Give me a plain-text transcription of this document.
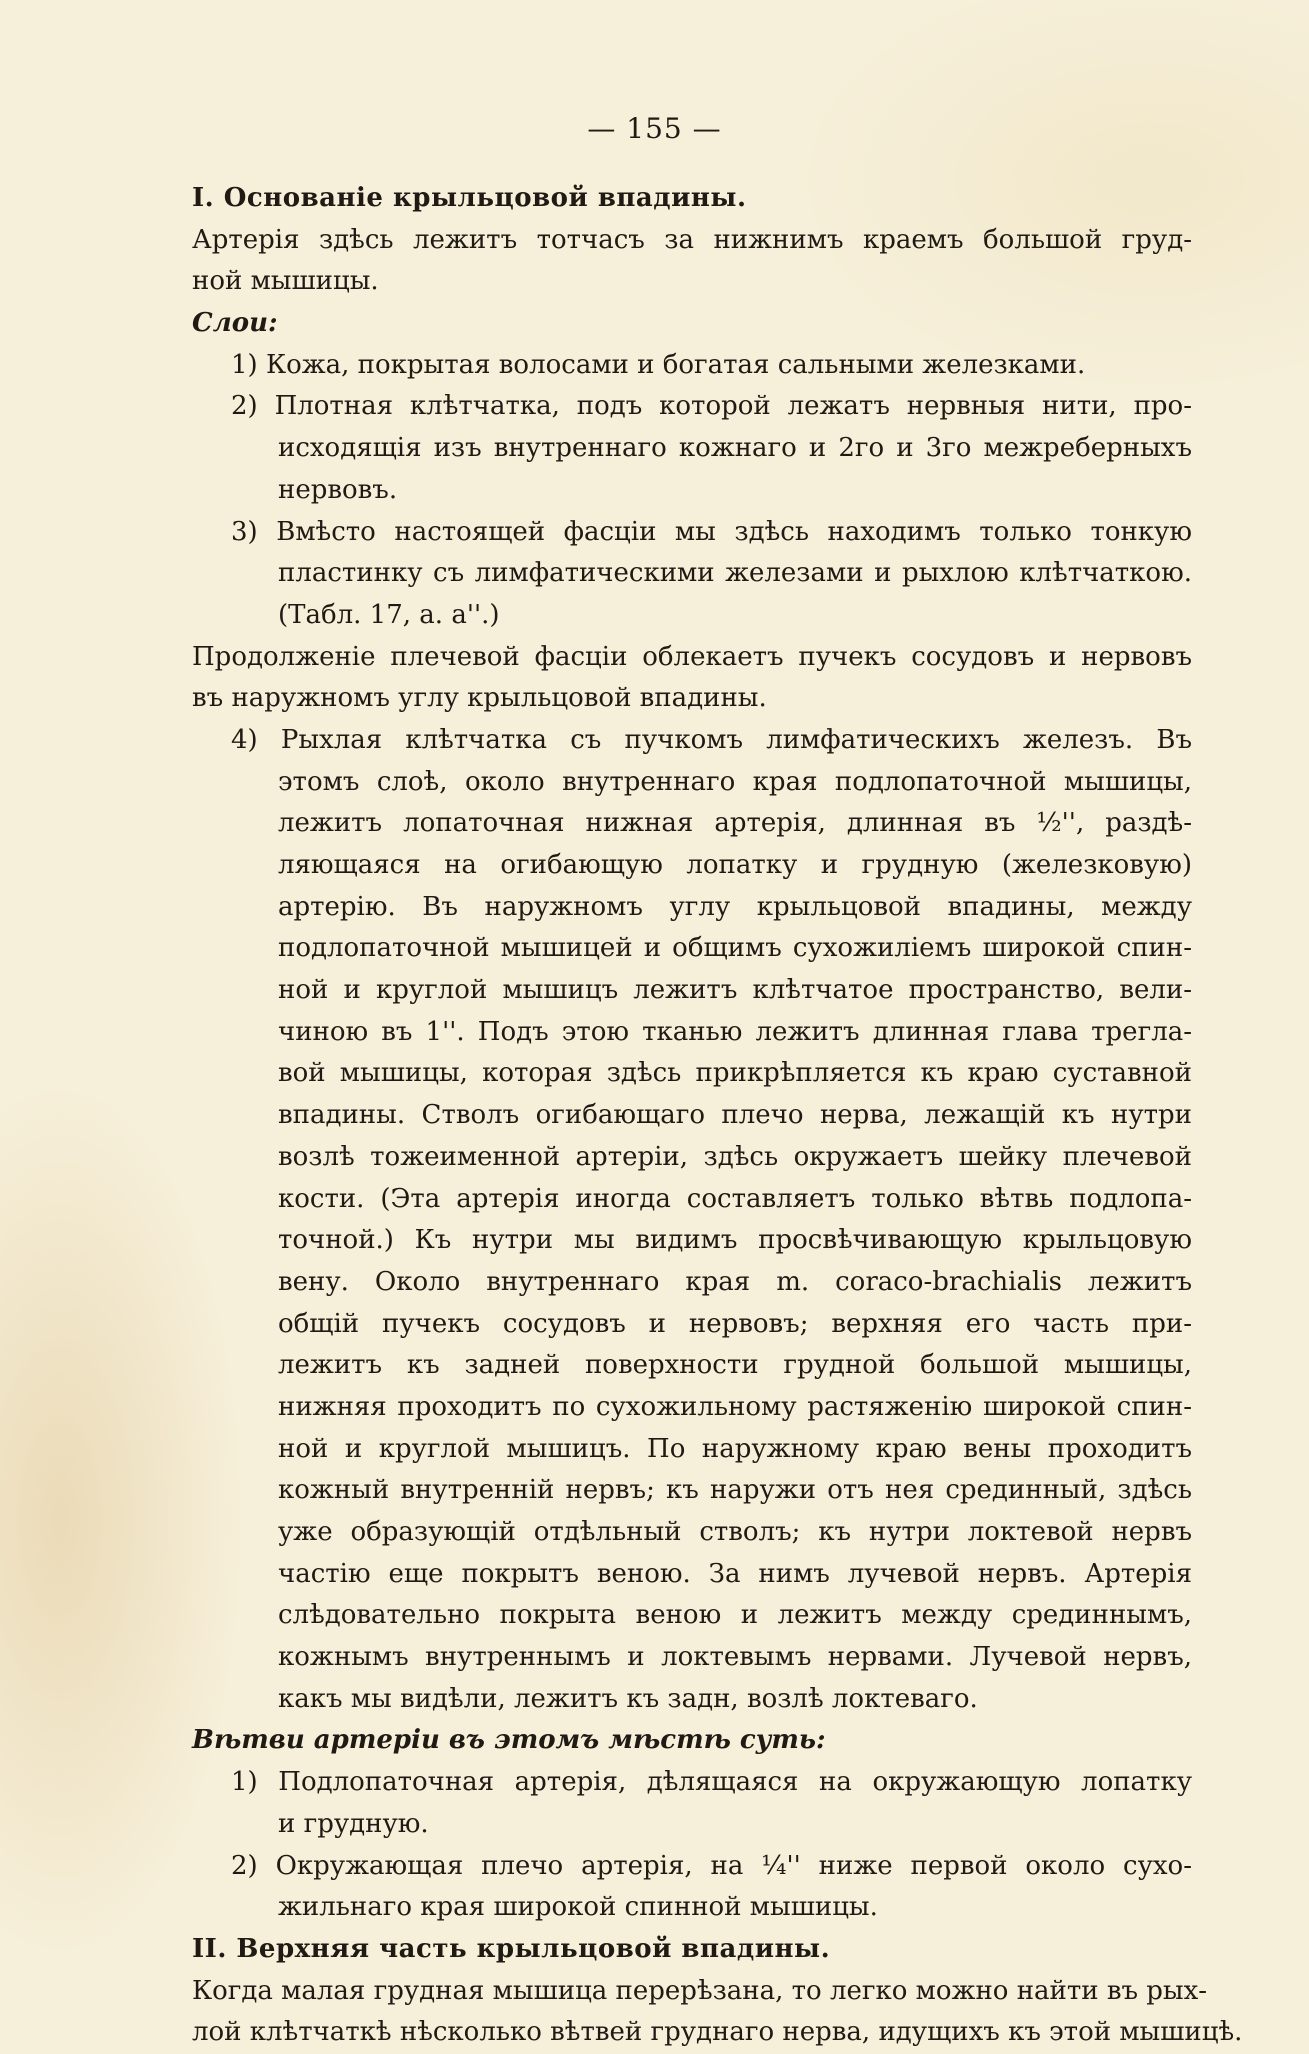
— 155 —
I. Основаніе крыльцовой впадины.
Артерія здѣсь лежитъ тотчасъ за нижнимъ краемъ большой груд-
ной мышицы.
Слои:
1) Кожа, покрытая волосами и богатая сальными железками.
2) Плотная клѣтчатка, подъ которой лежатъ нервныя нити, про-
исходящія изъ внутреннаго кожнаго и 2го и 3го межреберныхъ
нервовъ.
3) Вмѣсто настоящей фасціи мы здѣсь находимъ только тонкую
пластинку съ лимфатическими железами и рыхлою клѣтчаткою.
(Табл. 17, а. а''.)
Продолженіе плечевой фасціи облекаетъ пучекъ сосудовъ и нервовъ
въ наружномъ углу крыльцовой впадины.
4) Рыхлая клѣтчатка съ пучкомъ лимфатическихъ железъ. Въ
этомъ слоѣ, около внутреннаго края подлопаточной мышицы,
лежитъ лопаточная нижная артерія, длинная въ ½'', раздѣ-
ляющаяся на огибающую лопатку и грудную (железковую)
артерію. Въ наружномъ углу крыльцовой впадины, между
подлопаточной мышицей и общимъ сухожиліемъ широкой спин-
ной и круглой мышицъ лежитъ клѣтчатое пространство, вели-
чиною въ 1''. Подъ этою тканью лежитъ длинная глава трегла-
вой мышицы, которая здѣсь прикрѣпляется къ краю суставной
впадины. Стволъ огибающаго плечо нерва, лежащій къ нутри
возлѣ тожеименной артеріи, здѣсь окружаетъ шейку плечевой
кости. (Эта артерія иногда составляетъ только вѣтвь подлопа-
точной.) Къ нутри мы видимъ просвѣчивающую крыльцовую
вену. Около внутреннаго края m. coraco-brachialis лежитъ
общій пучекъ сосудовъ и нервовъ; верхняя его часть при-
лежитъ къ задней поверхности грудной большой мышицы,
нижняя проходитъ по сухожильному растяженію широкой спин-
ной и круглой мышицъ. По наружному краю вены проходитъ
кожный внутренній нервъ; къ наружи отъ нея срединный, здѣсь
уже образующій отдѣльный стволъ; къ нутри локтевой нервъ
частію еще покрытъ веною. За нимъ лучевой нервъ. Артерія
слѣдовательно покрыта веною и лежитъ между срединнымъ,
кожнымъ внутреннымъ и локтевымъ нервами. Лучевой нервъ,
какъ мы видѣли, лежитъ къ задн, возлѣ локтеваго.
Вѣтви артеріи въ этомъ мѣстѣ суть:
1) Подлопаточная артерія, дѣлящаяся на окружающую лопатку
и грудную.
2) Окружающая плечо артерія, на ¼'' ниже первой около сухо-
жильнаго края широкой спинной мышицы.
II. Верхняя часть крыльцовой впадины.
Когда малая грудная мышица перерѣзана, то легко можно найти въ рых-
лой клѣтчаткѣ нѣсколько вѣтвей груднаго нерва, идущихъ къ этой мышицѣ.
